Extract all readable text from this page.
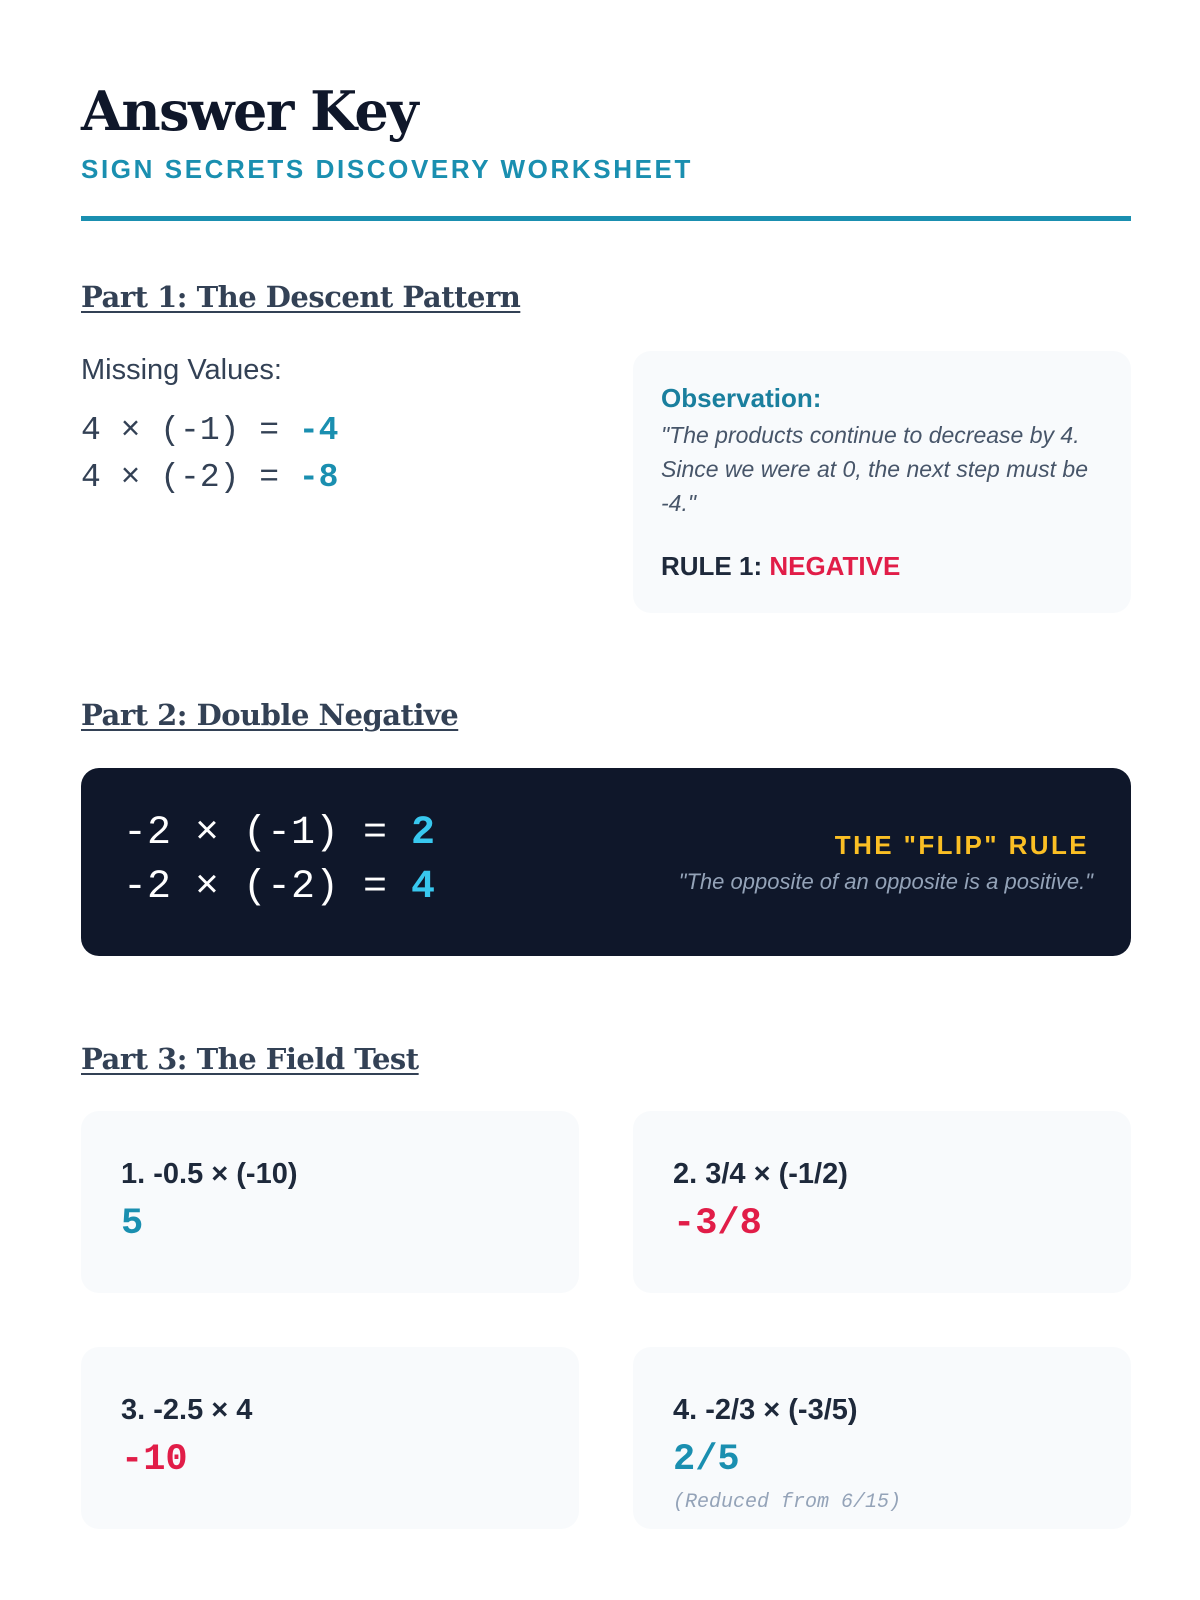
Answer Key
SIGN SECRETS DISCOVERY WORKSHEET
Part 1: The Descent Pattern
Missing Values:
4 × (-1) = -4
4 × (-2) = -8
Observation:
"The products continue to decrease by 4. Since we were at 0, the next step must be -4."
RULE 1: NEGATIVE
Part 2: Double Negative
-2 × (-1) = 2
-2 × (-2) = 4
THE "FLIP" RULE
"The opposite of an opposite is a positive."
Part 3: The Field Test
1. -0.5 × (-10)
5
2. 3/4 × (-1/2)
-3/8
3. -2.5 × 4
-10
4. -2/3 × (-3/5)
2/5
(Reduced from 6/15)
